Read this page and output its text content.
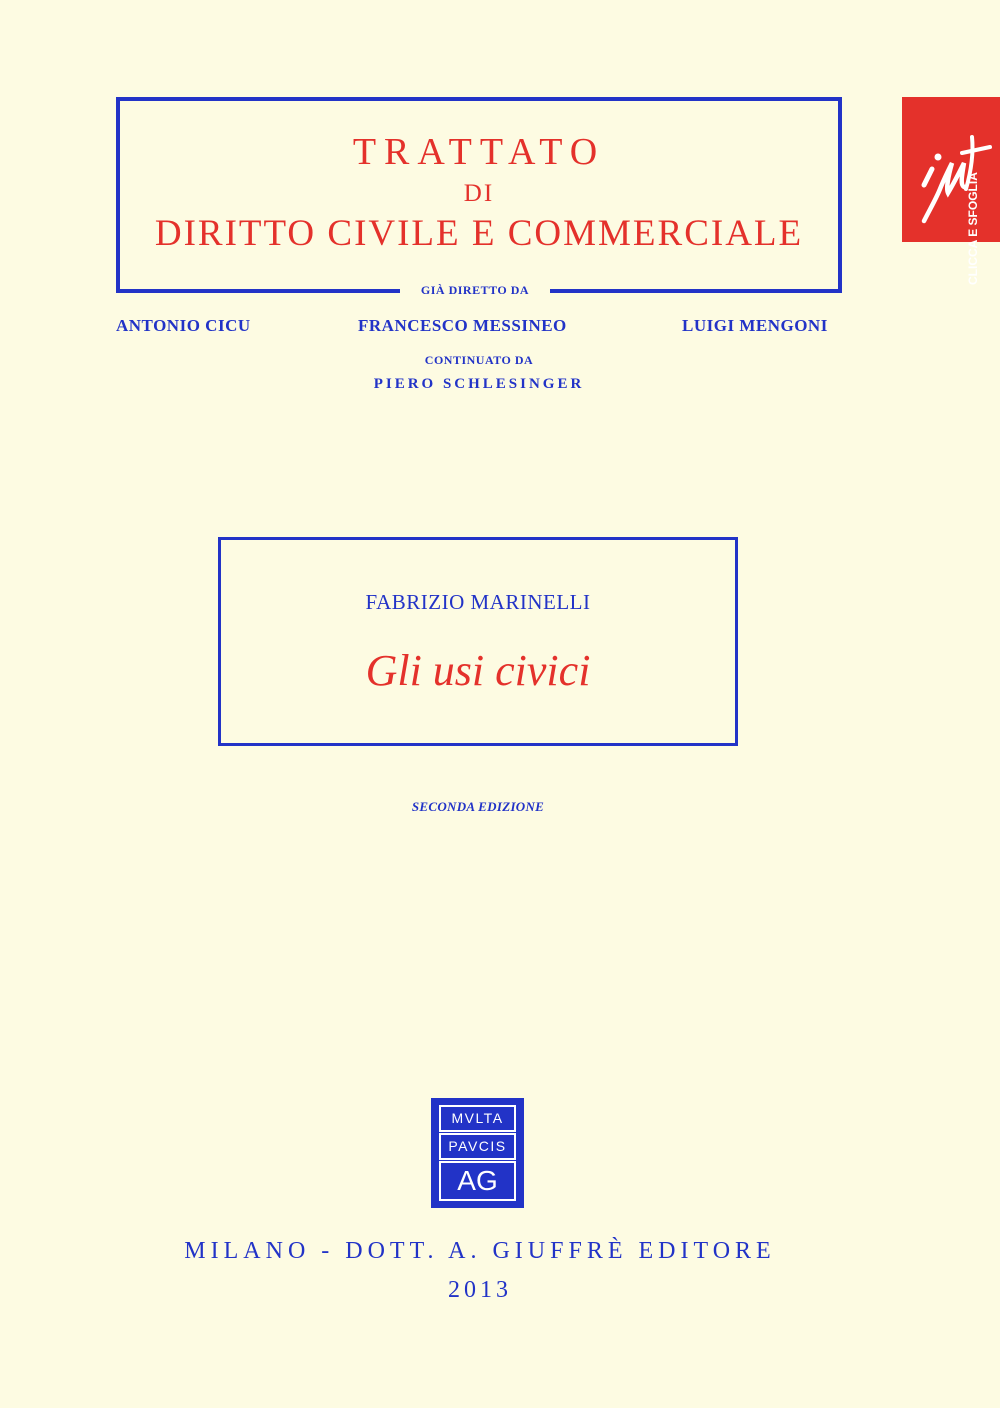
TRATTATO
DI
DIRITTO CIVILE E COMMERCIALE
GIÀ DIRETTO DA
ANTONIO CICU	FRANCESCO MESSINEO	LUIGI MENGONI
CONTINUATO DA
PIERO SCHLESINGER
CLICCA E SFOGLIA
FABRIZIO MARINELLI
Gli usi civici
SECONDA EDIZIONE
MVLTA
PAVCIS
AG
MILANO - DOTT. A. GIUFFRÈ EDITORE
2013
